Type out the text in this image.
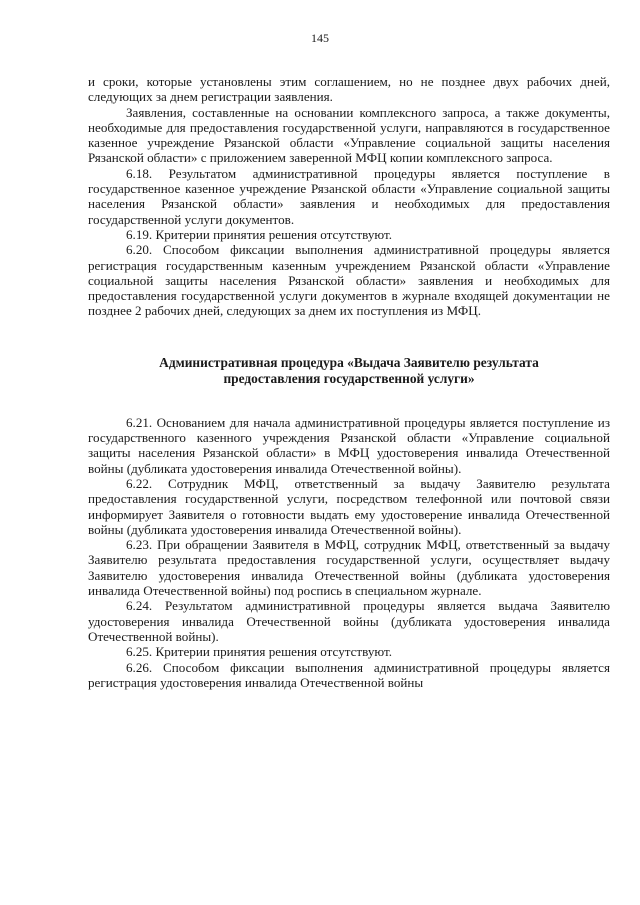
145

и сроки, которые установлены этим соглашением, но не позднее двух рабочих дней, следующих за днем регистрации заявления.

Заявления, составленные на основании комплексного запроса, а также документы, необходимые для предоставления государственной услуги, направляются в государственное казенное учреждение Рязанской области «Управление социальной защиты населения Рязанской области» с приложением заверенной МФЦ копии комплексного запроса.

6.18. Результатом административной процедуры является поступление в государственное казенное учреждение Рязанской области «Управление социальной защиты населения Рязанской области» заявления и необходимых для предоставления государственной услуги документов.

6.19. Критерии принятия решения отсутствуют.

6.20. Способом фиксации выполнения административной процедуры является регистрация государственным казенным учреждением Рязанской области «Управление социальной защиты населения Рязанской области» заявления и необходимых для предоставления государственной услуги документов в журнале входящей документации не позднее 2 рабочих дней, следующих за днем их поступления из МФЦ.

Административная процедура «Выдача Заявителю результата
предоставления государственной услуги»

6.21. Основанием для начала административной процедуры является поступление из государственного казенного учреждения Рязанской области «Управление социальной защиты населения Рязанской области» в МФЦ удостоверения инвалида Отечественной войны (дубликата удостоверения инвалида Отечественной войны).

6.22. Сотрудник МФЦ, ответственный за выдачу Заявителю результата предоставления государственной услуги, посредством телефонной или почтовой связи информирует Заявителя о готовности выдать ему удостоверение инвалида Отечественной войны (дубликата удостоверения инвалида Отечественной войны).

6.23. При обращении Заявителя в МФЦ, сотрудник МФЦ, ответственный за выдачу Заявителю результата предоставления государственной услуги, осуществляет выдачу Заявителю удостоверения инвалида Отечественной войны (дубликата удостоверения инвалида Отечественной войны) под роспись в специальном журнале.

6.24. Результатом административной процедуры является выдача Заявителю удостоверения инвалида Отечественной войны (дубликата удостоверения инвалида Отечественной войны).

6.25. Критерии принятия решения отсутствуют.

6.26. Способом фиксации выполнения административной процедуры является регистрация удостоверения инвалида Отечественной войны
